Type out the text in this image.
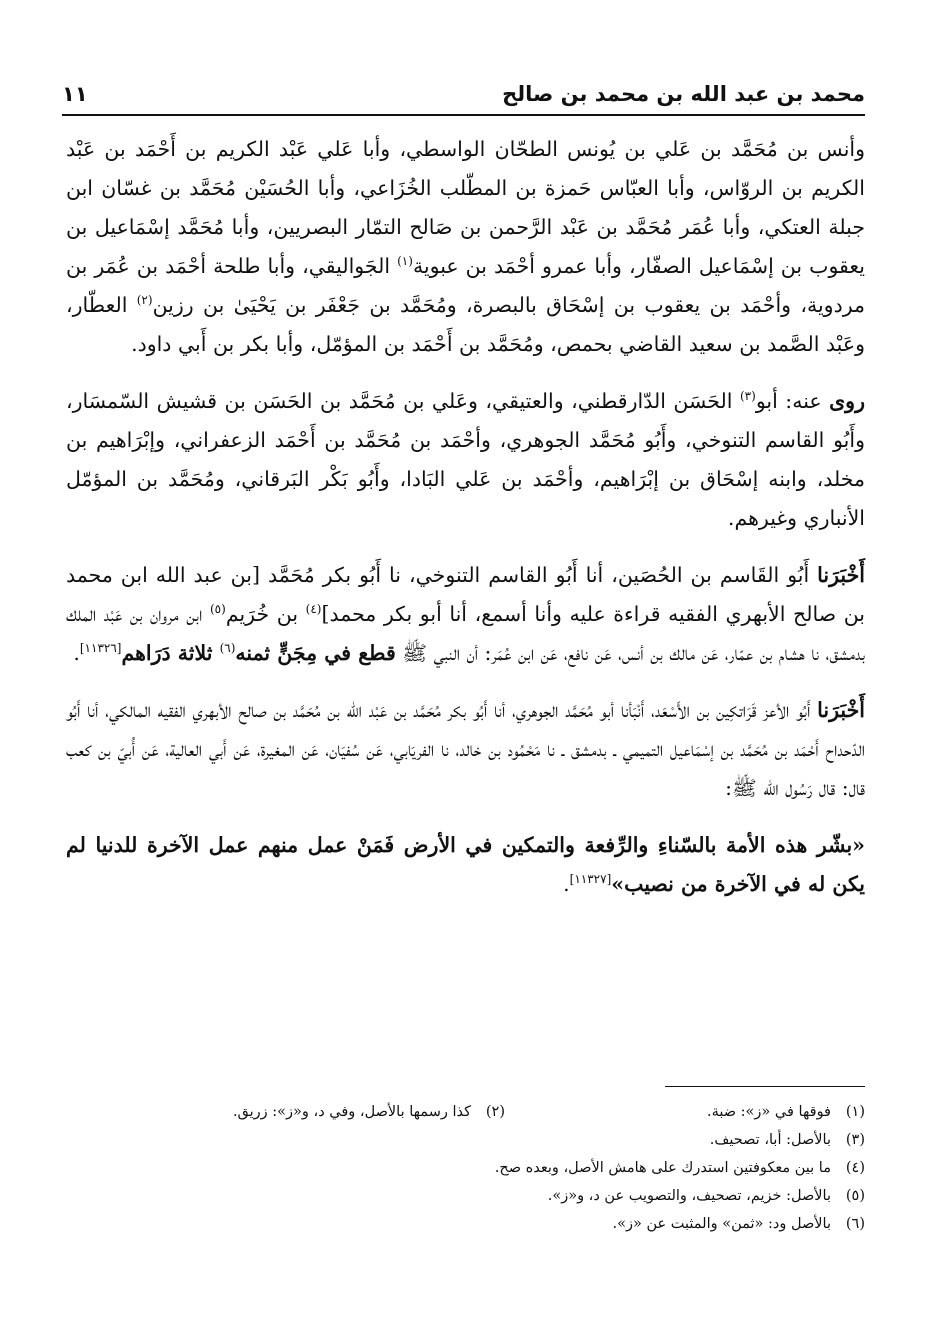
محمد بن عبد الله بن محمد بن صالح
١١

وأنس بن مُحَمَّد بن عَلي بن يُونس الطحّان الواسطي، وأبا عَلي عَبْد الكريم بن أَحْمَد بن عَبْد الكريم بن الروّاس، وأبا العبّاس حَمزة بن المطّلب الخُزَاعي، وأبا الحُسَيْن مُحَمَّد بن غسّان ابن جبلة العتكي، وأبا عُمَر مُحَمَّد بن عَبْد الرَّحمن بن صَالح التمّار البصريين، وأبا مُحَمَّد إسْمَاعيل بن يعقوب بن إسْمَاعيل الصفّار، وأبا عمرو أحْمَد بن عبوية$^{(١)}$ الجَواليقي، وأبا طلحة أحْمَد بن عُمَر بن مردوية، وأحْمَد بن يعقوب بن إسْحَاق بالبصرة، ومُحَمَّد بن جَعْفَر بن يَحْيَىٰ بن رزين$^{(٢)}$ العطّار، وعَبْد الصَّمد بن سعيد القاضي بحمص، ومُحَمَّد بن أَحْمَد بن المؤمّل، وأبا بكر بن أَبي داود.

روى عنه: أبو$^{(٣)}$ الحَسَن الدّارقطني، والعتيقي، وعَلي بن مُحَمَّد بن الحَسَن بن قشيش السّمسَار، وأَبُو القاسم التنوخي، وأَبُو مُحَمَّد الجوهري، وأحْمَد بن مُحَمَّد بن أَحْمَد الزعفراني، وإبْرَاهيم بن مخلد، وابنه إسْحَاق بن إبْرَاهيم، وأحْمَد بن عَلي البَادا، وأَبُو بَكْر البَرقاني، ومُحَمَّد بن المؤمّل الأنباري وغيرهم.

أَخْبَرَنا أَبُو القَاسم بن الحُصَين، أنا أَبُو القاسم التنوخي، نا أَبُو بكر مُحَمَّد [بن عبد الله ابن محمد بن صالح الأبهري الفقيه قراءة عليه وأنا أسمع، أنا أبو بكر محمد]$^{(٤)}$ بن خُرَيم$^{(٥)}$ ابن مروان بن عَبْد الملك بدمشق، نا هشام بن عمّار، عَن مالك بن أنس، عَن نافع، عَن ابن عُمَر: أن النبي ﷺ قطع في مِجَنٍّ ثمنه$^{(٦)}$ ثلاثة دَرَاهم[١١٣٢٦].

أَخْبَرَنا أَبُو الأعز قَرَاتكِين بن الأَسْعَد، أَنْبَأنا أبو مُحَمَّد الجوهري، أنا أَبُو بكر مُحَمَّد بن عَبْد الله بن مُحَمَّد بن صالح الأبهري الفقيه المالكي، أنا أَبُو الدّحداح أَحْمَد بن مُحَمَّد بن إسْمَاعيل التميمي ـ بدمشق ـ نا مَحْمُود بن خالد، نا الفريَابي، عَن سُفيَان، عَن المغيرة، عَن أَبي العالية، عَن أُبيّ بن كعب قال: قال رَسُول الله ﷺ:

«بشّر هذه الأمة بالسّناءِ والرِّفعة والتمكين في الأرض فَمَنْ عمل منهم عمل الآخرة للدنيا لم يكن له في الآخرة من نصيب»[١١٣٢٧].

(١)
فوقها في «ز»: ضبة.
(٢)
كذا رسمها بالأصل، وفي د، و«ز»: زريق.
(٣)
بالأصل: أبا، تصحيف.
(٤)
ما بين معكوفتين استدرك على هامش الأصل، وبعده صح.
(٥)
بالأصل: خزيم، تصحيف، والتصويب عن د، و«ز».
(٦)
بالأصل ود: «ثمن» والمثبت عن «ز».
